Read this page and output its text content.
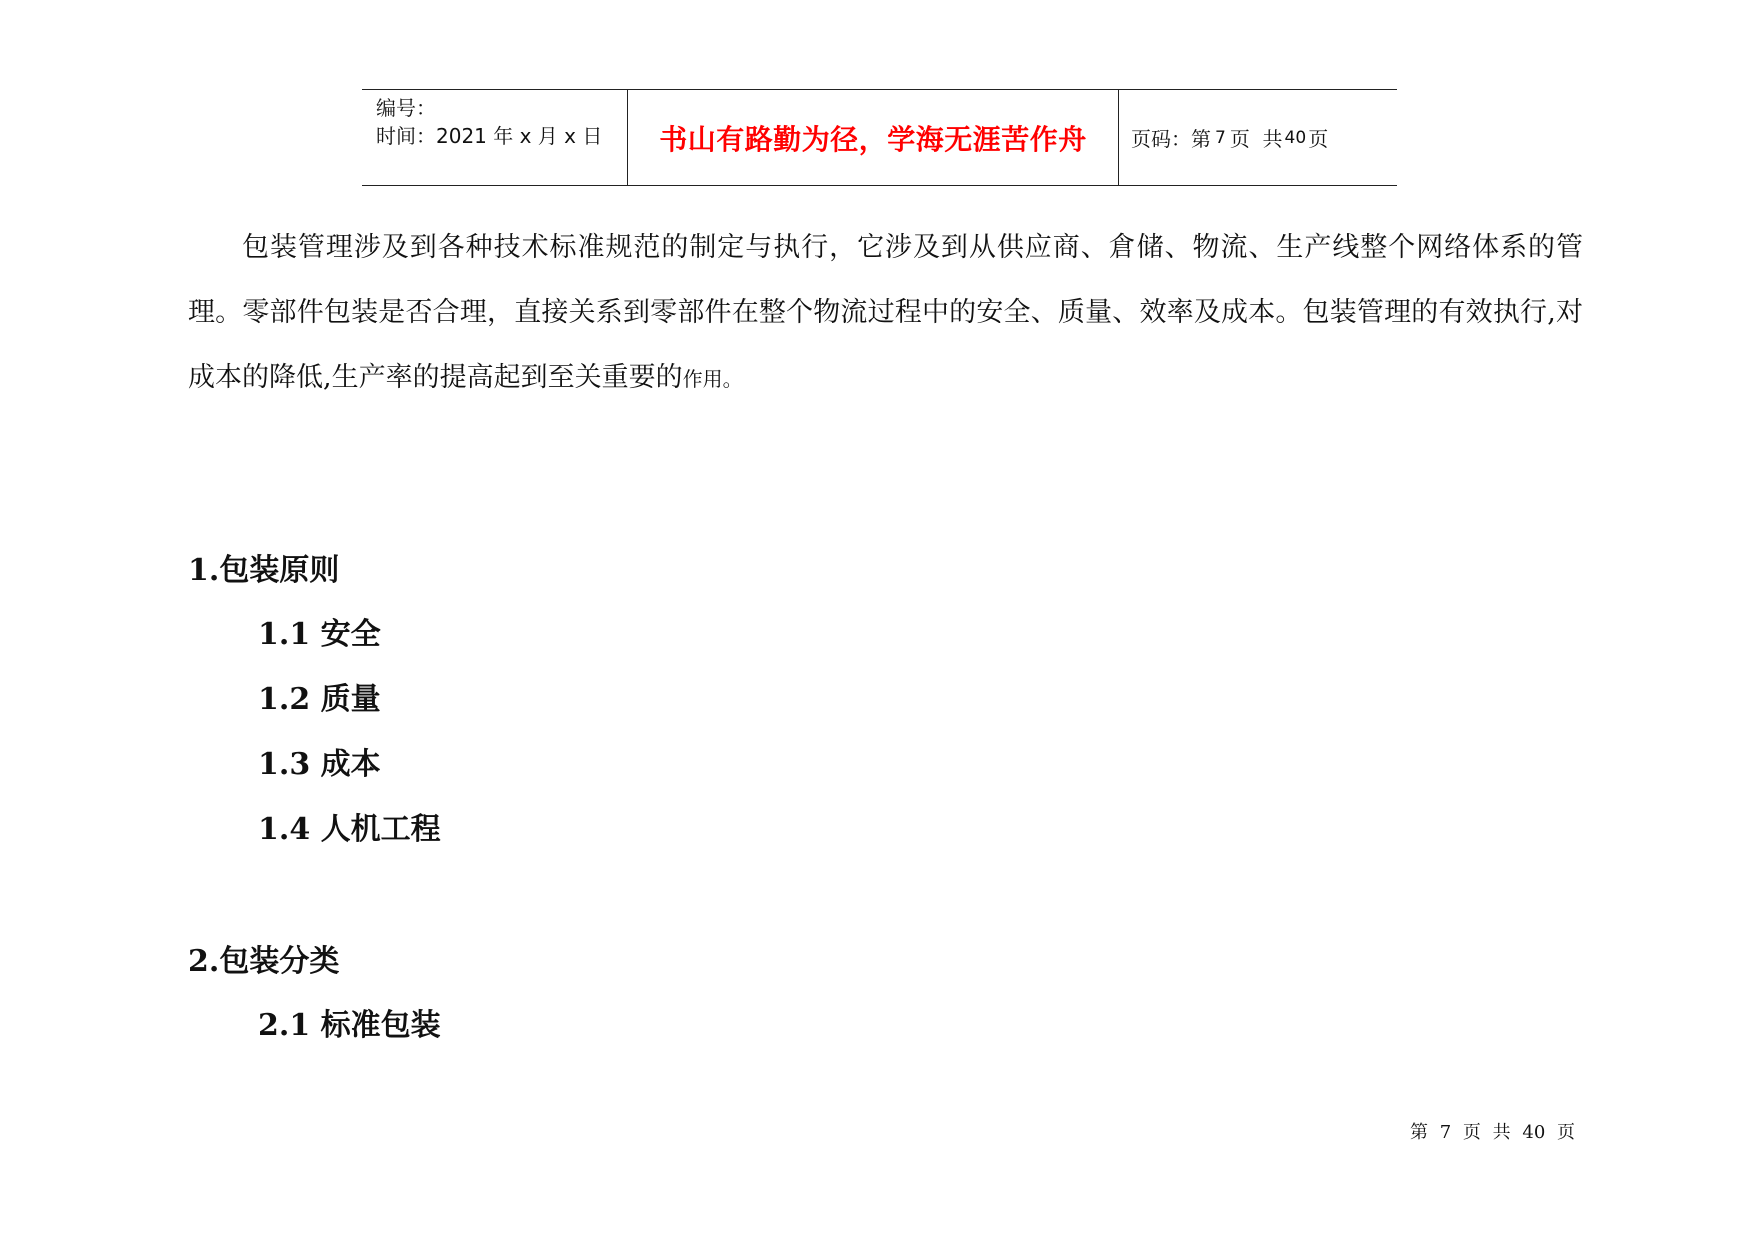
编号：
时间：2021 年 x 月 x 日	书山有路勤为径，学海无涯苦作舟 页码：第 7 页  共 40 页
包装管理涉及到各种技术标准规范的制定与执行，它涉及到从供应商、倉储、物流、生产线整个网络体系的管理。零部件包装是否合理，直接关系到零部件在整个物流过程中的安全、质量、效率及成本。包装管理的有效执行,对成本的降低,生产率的提高起到至关重要的作用。
1.包装原则
1.1 安全
1.2 质量
1.3 成本
1.4 人机工程
2.包装分类
2.1 标准包装
第 7 页 共 40 页
